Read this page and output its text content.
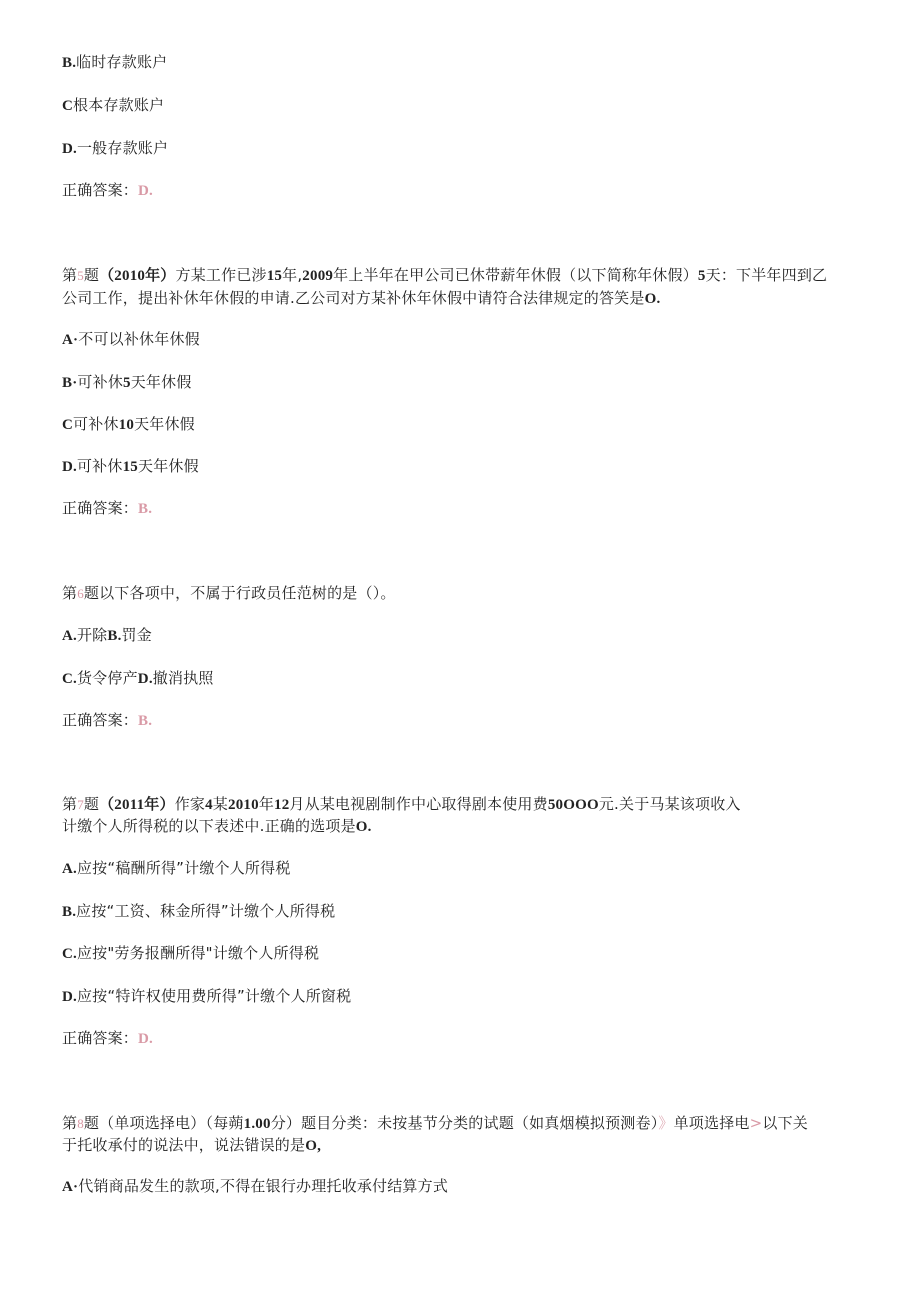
B.临时存款账户
C根本存款账户
D.一般存款账户
正确答案：D.
第5题（2010年）方某工作已涉15年,2009年上半年在甲公司已休带薪年休假（以下简称年休假）5天：下半年四到乙
公司工作，提出补休年休假的申请.乙公司对方某补休年休假中请符合法律规定的答笑是O.
A·不可以补休年休假
B·可补休5天年休假
C可补休10天年休假
D.可补休15天年休假
正确答案：B.
第6题以下各项中，不属于行政员任范树的是（）。
A.开除B.罚金
C.货令停产D.撤消执照
正确答案：B.
第7题（2011年）作家4某2010年12月从某电视剧制作中心取得剧本使用费50OOO元.关于马某该项收入
计缴个人所得税的以下表述中.正确的选项是O.
A.应按“稿酬所得”计缴个人所得税
B.应按“工资、秣金所得”计缴个人所得税
C.应按"劳务报酬所得"计缴个人所得税
D.应按“特许权使用费所得”计缴个人所窗税
正确答案：D.
第8题（单项选择电）（每蒴1.00分）题目分类：未按基节分类的试题（如真烟模拟预测卷）》单项选择电>以下关
于托收承付的说法中，说法错误的是O,
A·代销商品发生的款项,不得在银行办理托收承付结算方式
